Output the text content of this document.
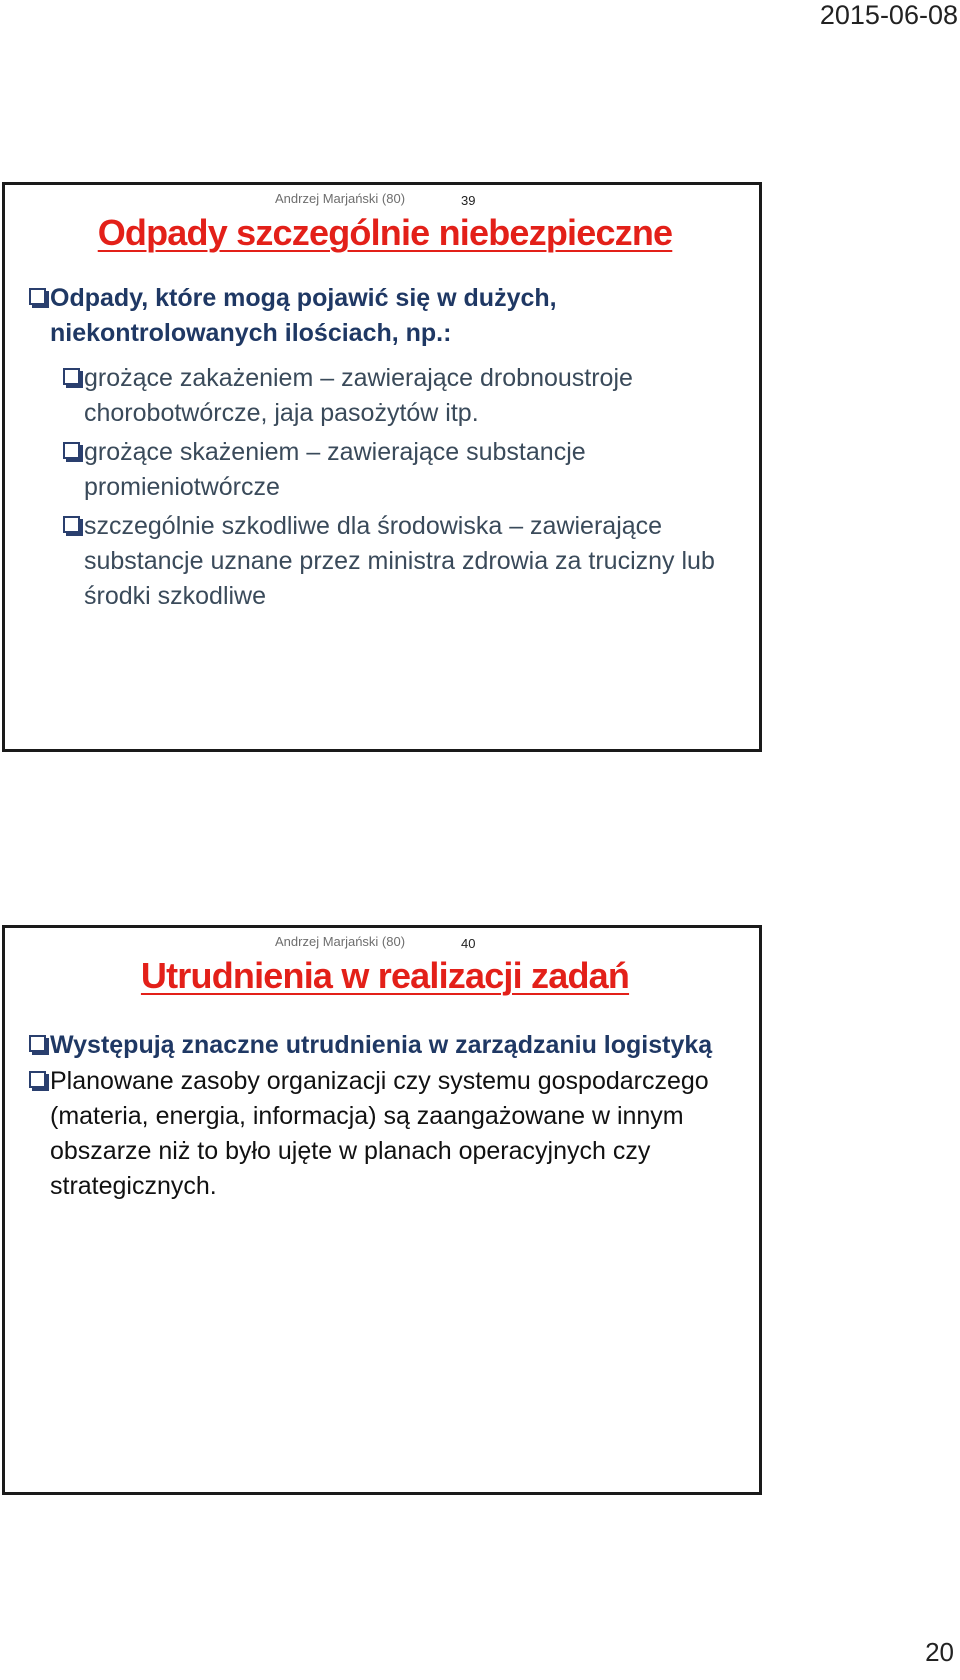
2015-06-08
Andrzej Marjański (80)	39
Odpady szczególnie niebezpieczne
Odpady, które mogą pojawić się w dużych, niekontrolowanych ilościach, np.:
grożące zakażeniem – zawierające drobnoustroje chorobotwórcze, jaja pasożytów itp.
grożące skażeniem – zawierające substancje promieniotwórcze
szczególnie szkodliwe dla środowiska – zawierające substancje uznane przez ministra zdrowia za trucizny lub środki szkodliwe
Andrzej Marjański (80)	40
Utrudnienia w realizacji zadań
Występują znaczne utrudnienia w zarządzaniu logistyką
Planowane zasoby organizacji czy systemu gospodarczego (materia, energia, informacja) są zaangażowane w innym obszarze niż to było ujęte w planach operacyjnych czy strategicznych.
20
